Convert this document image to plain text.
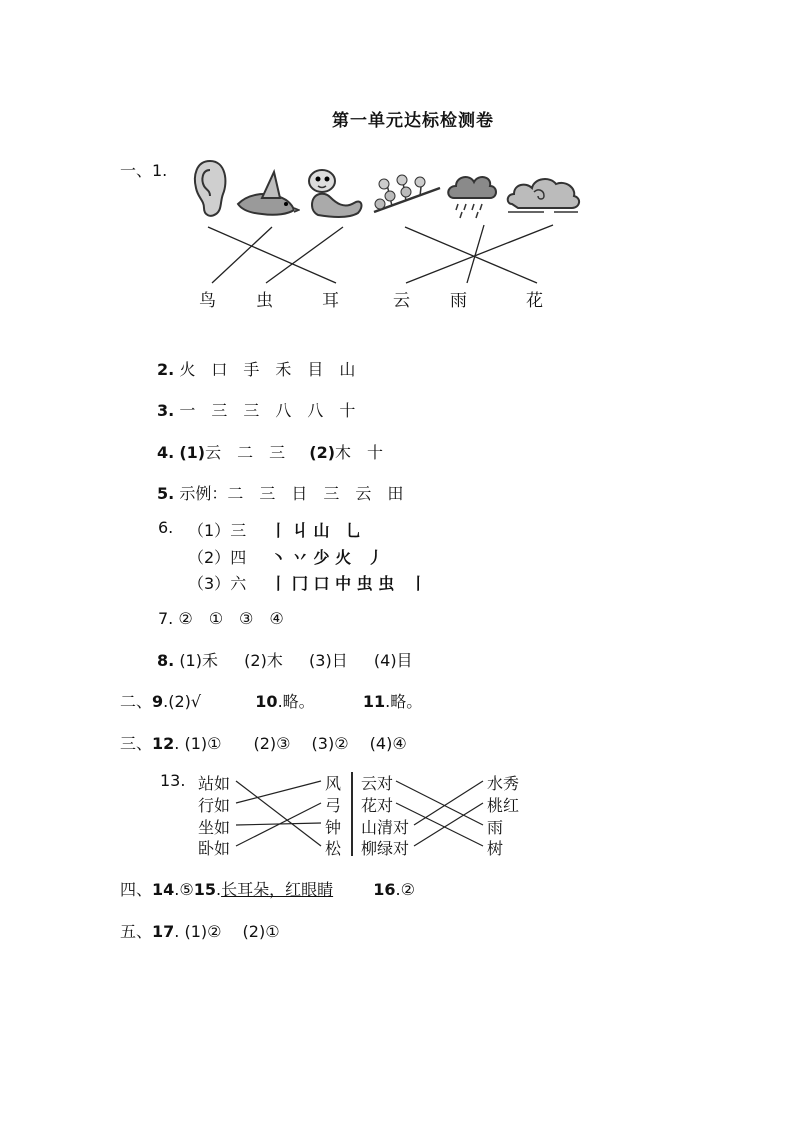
第一单元达标检测卷
一、1.
鸟 虫	耳	云 雨	花
2. 火　口　手　禾　目　山
3. 一　三　三　八　八　十
4. (1)云　二　三 (2)木　十
5. 示例：二　三　日　三　云　田
6. （1）三 丨 丩 山　乚
（2）四 丶 丷 少 火　丿
（3）六 丨 冂 口 中 虫 虫　丨
7. ②　①　③　④
8. (1)禾 (2)木 (3)日 (4)目
二、9.(2)√	10.略。	11.略。
三、12. (1)①　　(2)③　 (3)②　 (4)④
13. 站如
行如
坐如
卧如
风
弓
钟
松
云对
花对
山清对
柳绿对
水秀
桃红
雨
树
四、14.⑤15.长耳朵，红眼睛	16.②
五、17. (1)②　 (2)①
